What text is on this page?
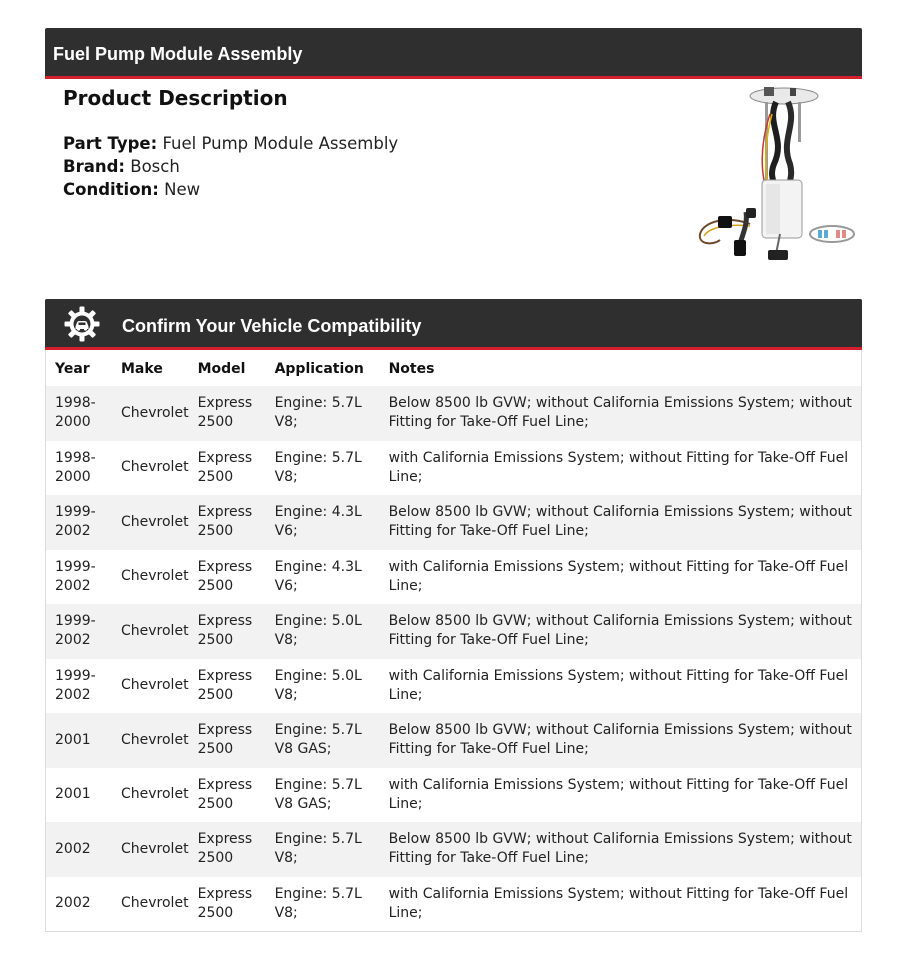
Fuel Pump Module Assembly
Product Description
Part Type: Fuel Pump Module Assembly
Brand: Bosch
Condition: New
Confirm Your Vehicle Compatibility
Year	Make	Model	Application	Notes
1998-2000	Chevrolet	Express 2500	Engine: 5.7L V8;	Below 8500 lb GVW; without California Emissions System; without Fitting for Take-Off Fuel Line;
1998-2000	Chevrolet	Express 2500	Engine: 5.7L V8;	with California Emissions System; without Fitting for Take-Off Fuel Line;
1999-2002	Chevrolet	Express 2500	Engine: 4.3L V6;	Below 8500 lb GVW; without California Emissions System; without Fitting for Take-Off Fuel Line;
1999-2002	Chevrolet	Express 2500	Engine: 4.3L V6;	with California Emissions System; without Fitting for Take-Off Fuel Line;
1999-2002	Chevrolet	Express 2500	Engine: 5.0L V8;	Below 8500 lb GVW; without California Emissions System; without Fitting for Take-Off Fuel Line;
1999-2002	Chevrolet	Express 2500	Engine: 5.0L V8;	with California Emissions System; without Fitting for Take-Off Fuel Line;
2001	Chevrolet	Express 2500	Engine: 5.7L V8 GAS;	Below 8500 lb GVW; without California Emissions System; without Fitting for Take-Off Fuel Line;
2001	Chevrolet	Express 2500	Engine: 5.7L V8 GAS;	with California Emissions System; without Fitting for Take-Off Fuel Line;
2002	Chevrolet	Express 2500	Engine: 5.7L V8;	Below 8500 lb GVW; without California Emissions System; without Fitting for Take-Off Fuel Line;
2002	Chevrolet	Express 2500	Engine: 5.7L V8;	with California Emissions System; without Fitting for Take-Off Fuel Line;
